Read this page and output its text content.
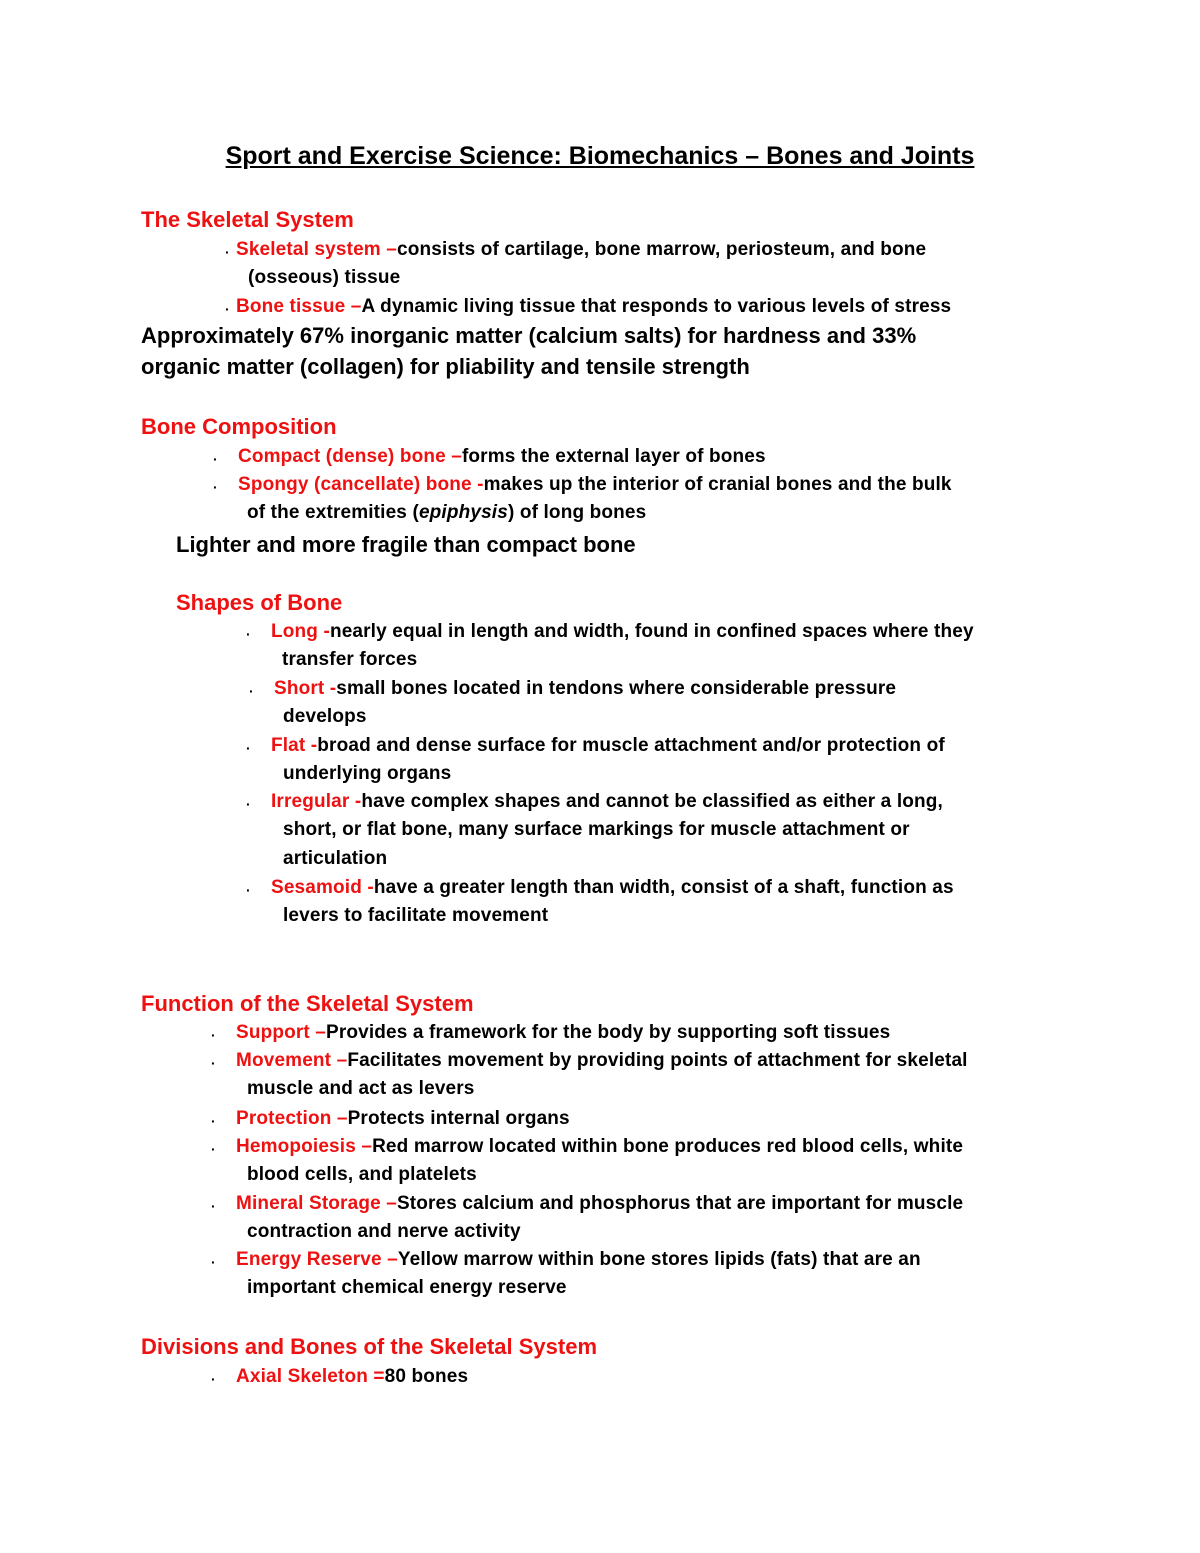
Sport and Exercise Science: Biomechanics – Bones and Joints
The Skeletal System
· Skeletal system –consists of cartilage, bone marrow, periosteum, and bone
(osseous) tissue
· Bone tissue –A dynamic living tissue that responds to various levels of stress
Approximately 67% inorganic matter (calcium salts) for hardness and 33%
organic matter (collagen) for pliability and tensile strength
Bone Composition
· Compact (dense) bone –forms the external layer of bones
· Spongy (cancellate) bone -makes up the interior of cranial bones and the bulk
of the extremities (epiphysis) of long bones
Lighter and more fragile than compact bone
Shapes of Bone
· Long -nearly equal in length and width, found in confined spaces where they
transfer forces
· Short -small bones located in tendons where considerable pressure
develops
· Flat -broad and dense surface for muscle attachment and/or protection of
underlying organs
· Irregular -have complex shapes and cannot be classified as either a long,
short, or flat bone, many surface markings for muscle attachment or
articulation
· Sesamoid -have a greater length than width, consist of a shaft, function as
levers to facilitate movement
Function of the Skeletal System
· Support –Provides a framework for the body by supporting soft tissues
· Movement –Facilitates movement by providing points of attachment for skeletal
muscle and act as levers
· Protection –Protects internal organs
· Hemopoiesis –Red marrow located within bone produces red blood cells, white
blood cells, and platelets
· Mineral Storage –Stores calcium and phosphorus that are important for muscle
contraction and nerve activity
· Energy Reserve –Yellow marrow within bone stores lipids (fats) that are an
important chemical energy reserve
Divisions and Bones of the Skeletal System
· Axial Skeleton =80 bones
